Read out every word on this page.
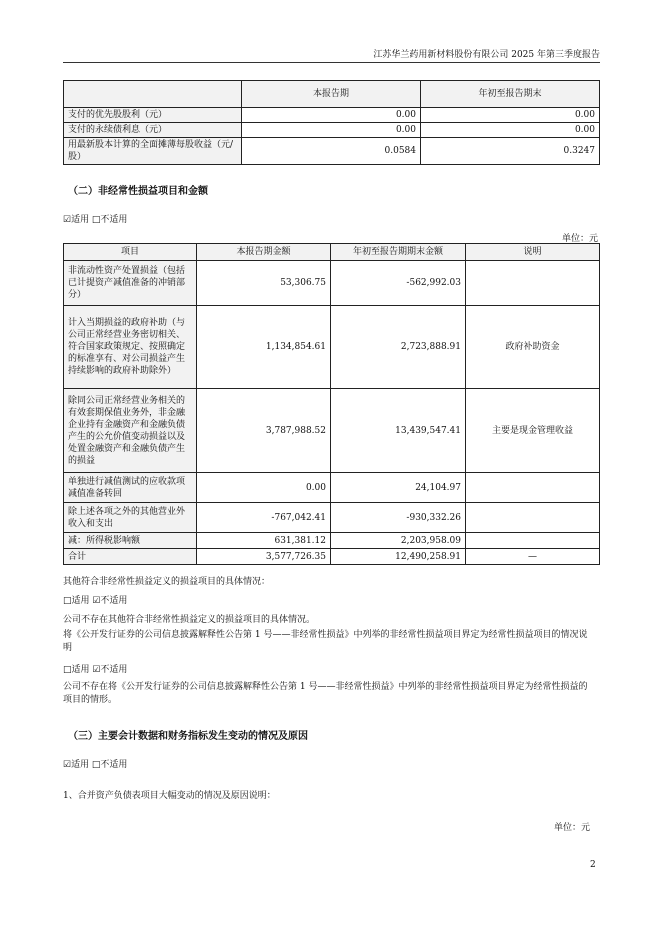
江苏华兰药用新材料股份有限公司 2025 年第三季度报告
	本报告期	年初至报告期末
支付的优先股股利（元）	0.00	0.00
支付的永续债利息（元）	0.00	0.00
用最新股本计算的全面摊薄每股收益（元/股）	0.0584	0.3247
（二）非经常性损益项目和金额
☑适用 □不适用
单位：元
项目	本报告期金额	年初至报告期期末金额	说明
非流动性资产处置损益（包括已计提资产减值准备的冲销部分）	53,306.75	-562,992.03	
计入当期损益的政府补助（与公司正常经营业务密切相关、符合国家政策规定、按照确定的标准享有、对公司损益产生持续影响的政府补助除外）	1,134,854.61	2,723,888.91	政府补助资金
除同公司正常经营业务相关的有效套期保值业务外，非金融企业持有金融资产和金融负债产生的公允价值变动损益以及处置金融资产和金融负债产生的损益	3,787,988.52	13,439,547.41	主要是现金管理收益
单独进行减值测试的应收款项减值准备转回	0.00	24,104.97	
除上述各项之外的其他营业外收入和支出	-767,042.41	-930,332.26	
减：所得税影响额	631,381.12	2,203,958.09	
合计	3,577,726.35	12,490,258.91	—
其他符合非经常性损益定义的损益项目的具体情况：
□适用 ☑不适用
公司不存在其他符合非经常性损益定义的损益项目的具体情况。
将《公开发行证券的公司信息披露解释性公告第 1 号——非经常性损益》中列举的非经常性损益项目界定为经常性损益项目的情况说明
□适用 ☑不适用
公司不存在将《公开发行证券的公司信息披露解释性公告第 1 号——非经常性损益》中列举的非经常性损益项目界定为经常性损益的项目的情形。
（三）主要会计数据和财务指标发生变动的情况及原因
☑适用 □不适用
1、合并资产负债表项目大幅变动的情况及原因说明：
单位：元
2
